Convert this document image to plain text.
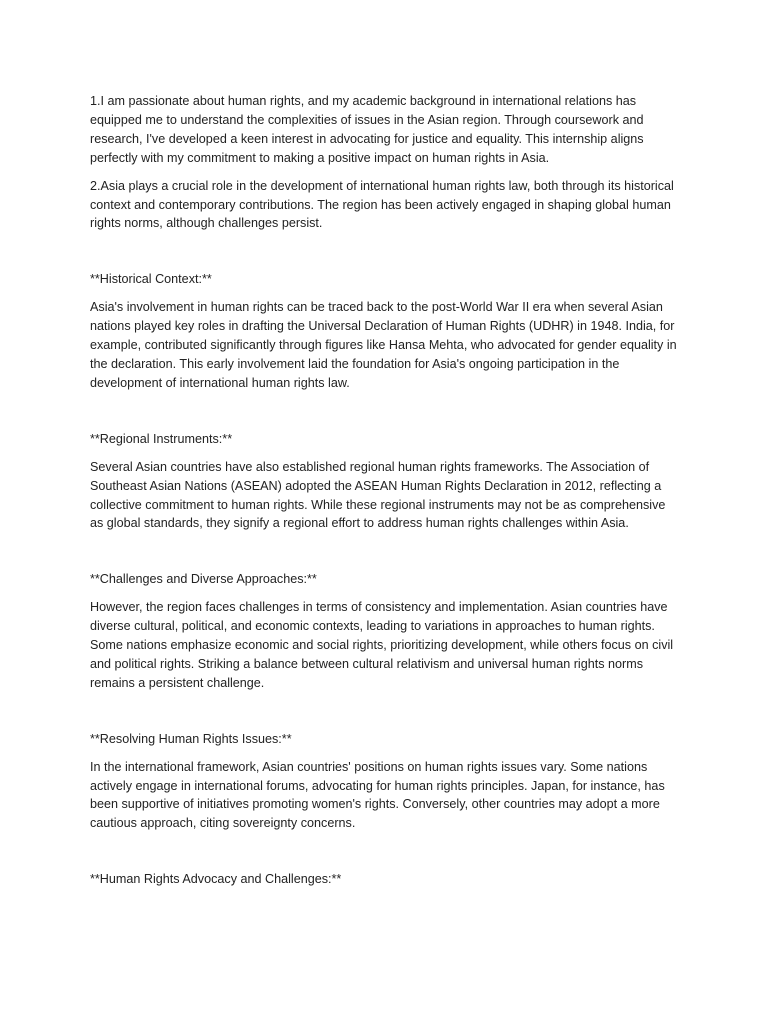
1.I am passionate about human rights, and my academic background in international relations has equipped me to understand the complexities of issues in the Asian region. Through coursework and research, I've developed a keen interest in advocating for justice and equality. This internship aligns perfectly with my commitment to making a positive impact on human rights in Asia.

2.Asia plays a crucial role in the development of international human rights law, both through its historical context and contemporary contributions. The region has been actively engaged in shaping global human rights norms, although challenges persist.

**Historical Context:**

Asia's involvement in human rights can be traced back to the post-World War II era when several Asian nations played key roles in drafting the Universal Declaration of Human Rights (UDHR) in 1948. India, for example, contributed significantly through figures like Hansa Mehta, who advocated for gender equality in the declaration. This early involvement laid the foundation for Asia's ongoing participation in the development of international human rights law.

**Regional Instruments:**

Several Asian countries have also established regional human rights frameworks. The Association of Southeast Asian Nations (ASEAN) adopted the ASEAN Human Rights Declaration in 2012, reflecting a collective commitment to human rights. While these regional instruments may not be as comprehensive as global standards, they signify a regional effort to address human rights challenges within Asia.

**Challenges and Diverse Approaches:**

However, the region faces challenges in terms of consistency and implementation. Asian countries have diverse cultural, political, and economic contexts, leading to variations in approaches to human rights. Some nations emphasize economic and social rights, prioritizing development, while others focus on civil and political rights. Striking a balance between cultural relativism and universal human rights norms remains a persistent challenge.

**Resolving Human Rights Issues:**

In the international framework, Asian countries' positions on human rights issues vary. Some nations actively engage in international forums, advocating for human rights principles. Japan, for instance, has been supportive of initiatives promoting women's rights. Conversely, other countries may adopt a more cautious approach, citing sovereignty concerns.

**Human Rights Advocacy and Challenges:**
